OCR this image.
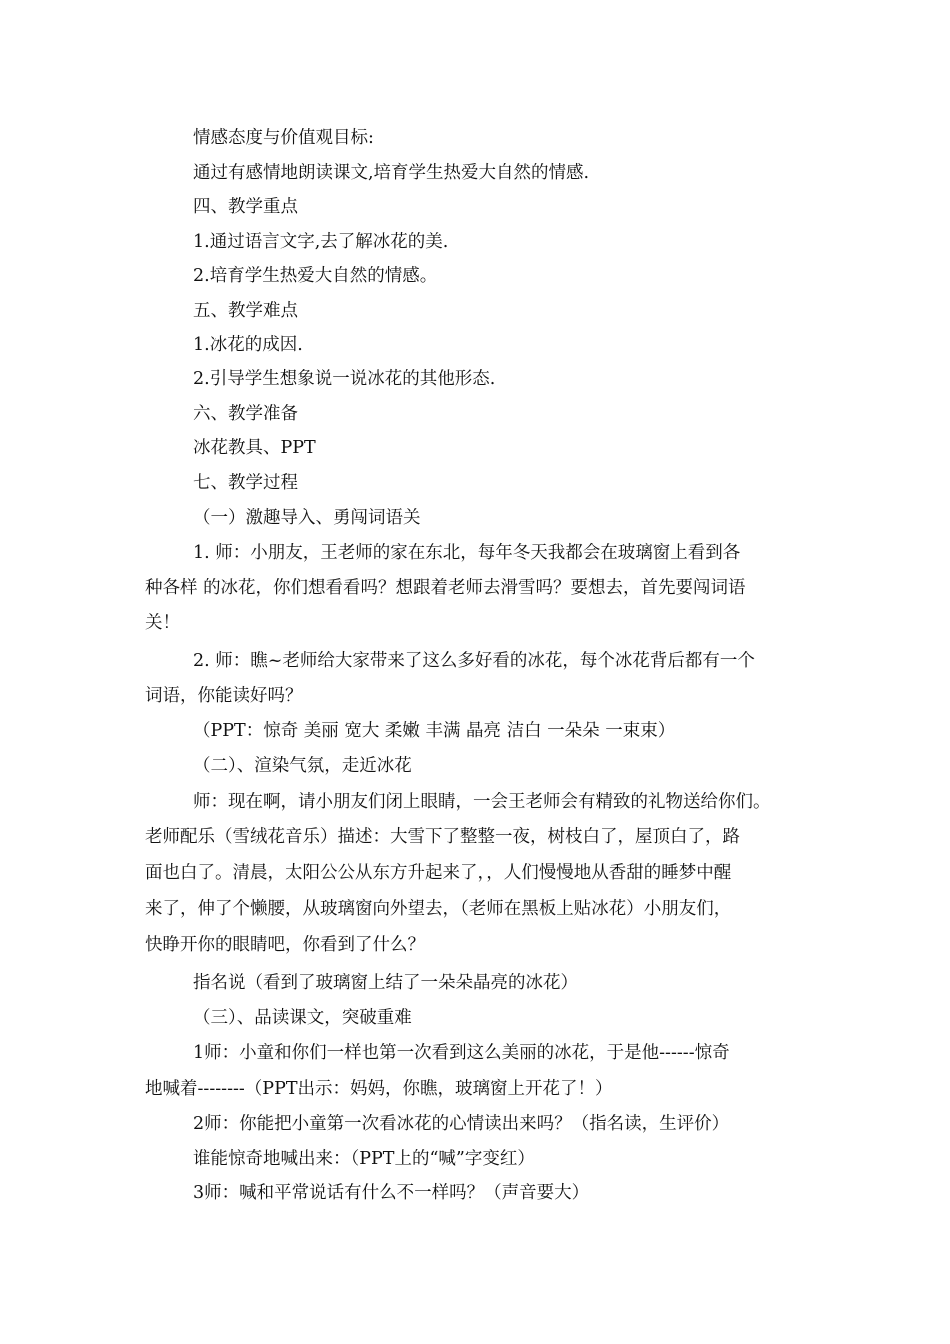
情感态度与价值观目标:
通过有感情地朗读课文,培育学生热爱大自然的情感.
四、教学重点
1.通过语言文字,去了解冰花的美.
2.培育学生热爱大自然的情感。
五、教学难点
1.冰花的成因.
2.引导学生想象说一说冰花的其他形态.
六、教学准备
冰花教具、PPT
七、教学过程
（一）激趣导入、勇闯词语关
1. 师：小朋友，王老师的家在东北，每年冬天我都会在玻璃窗上看到各
种各样 的冰花，你们想看看吗？想跟着老师去滑雪吗？要想去，首先要闯词语
关！
2. 师：瞧~老师给大家带来了这么多好看的冰花，每个冰花背后都有一个
词语，你能读好吗？
（PPT：惊奇 美丽 宽大 柔嫩 丰满 晶亮 洁白 一朵朵 一束束）
（二）、渲染气氛，走近冰花
师：现在啊，请小朋友们闭上眼睛，一会王老师会有精致的礼物送给你们。
老师配乐（雪绒花音乐）描述：大雪下了整整一夜，树枝白了，屋顶白了，路
面也白了。清晨，太阳公公从东方升起来了，，人们慢慢地从香甜的睡梦中醒
来了，伸了个懒腰，从玻璃窗向外望去，（老师在黑板上贴冰花）小朋友们，
快睁开你的眼睛吧，你看到了什么？
指名说（看到了玻璃窗上结了一朵朵晶亮的冰花）
（三）、品读课文，突破重难
1师：小童和你们一样也第一次看到这么美丽的冰花，于是他------惊奇
地喊着--------（PPT出示：妈妈，你瞧，玻璃窗上开花了！）
2师：你能把小童第一次看冰花的心情读出来吗？（指名读，生评价）
谁能惊奇地喊出来：（PPT上的“喊”字变红）
3师：喊和平常说话有什么不一样吗？（声音要大）
